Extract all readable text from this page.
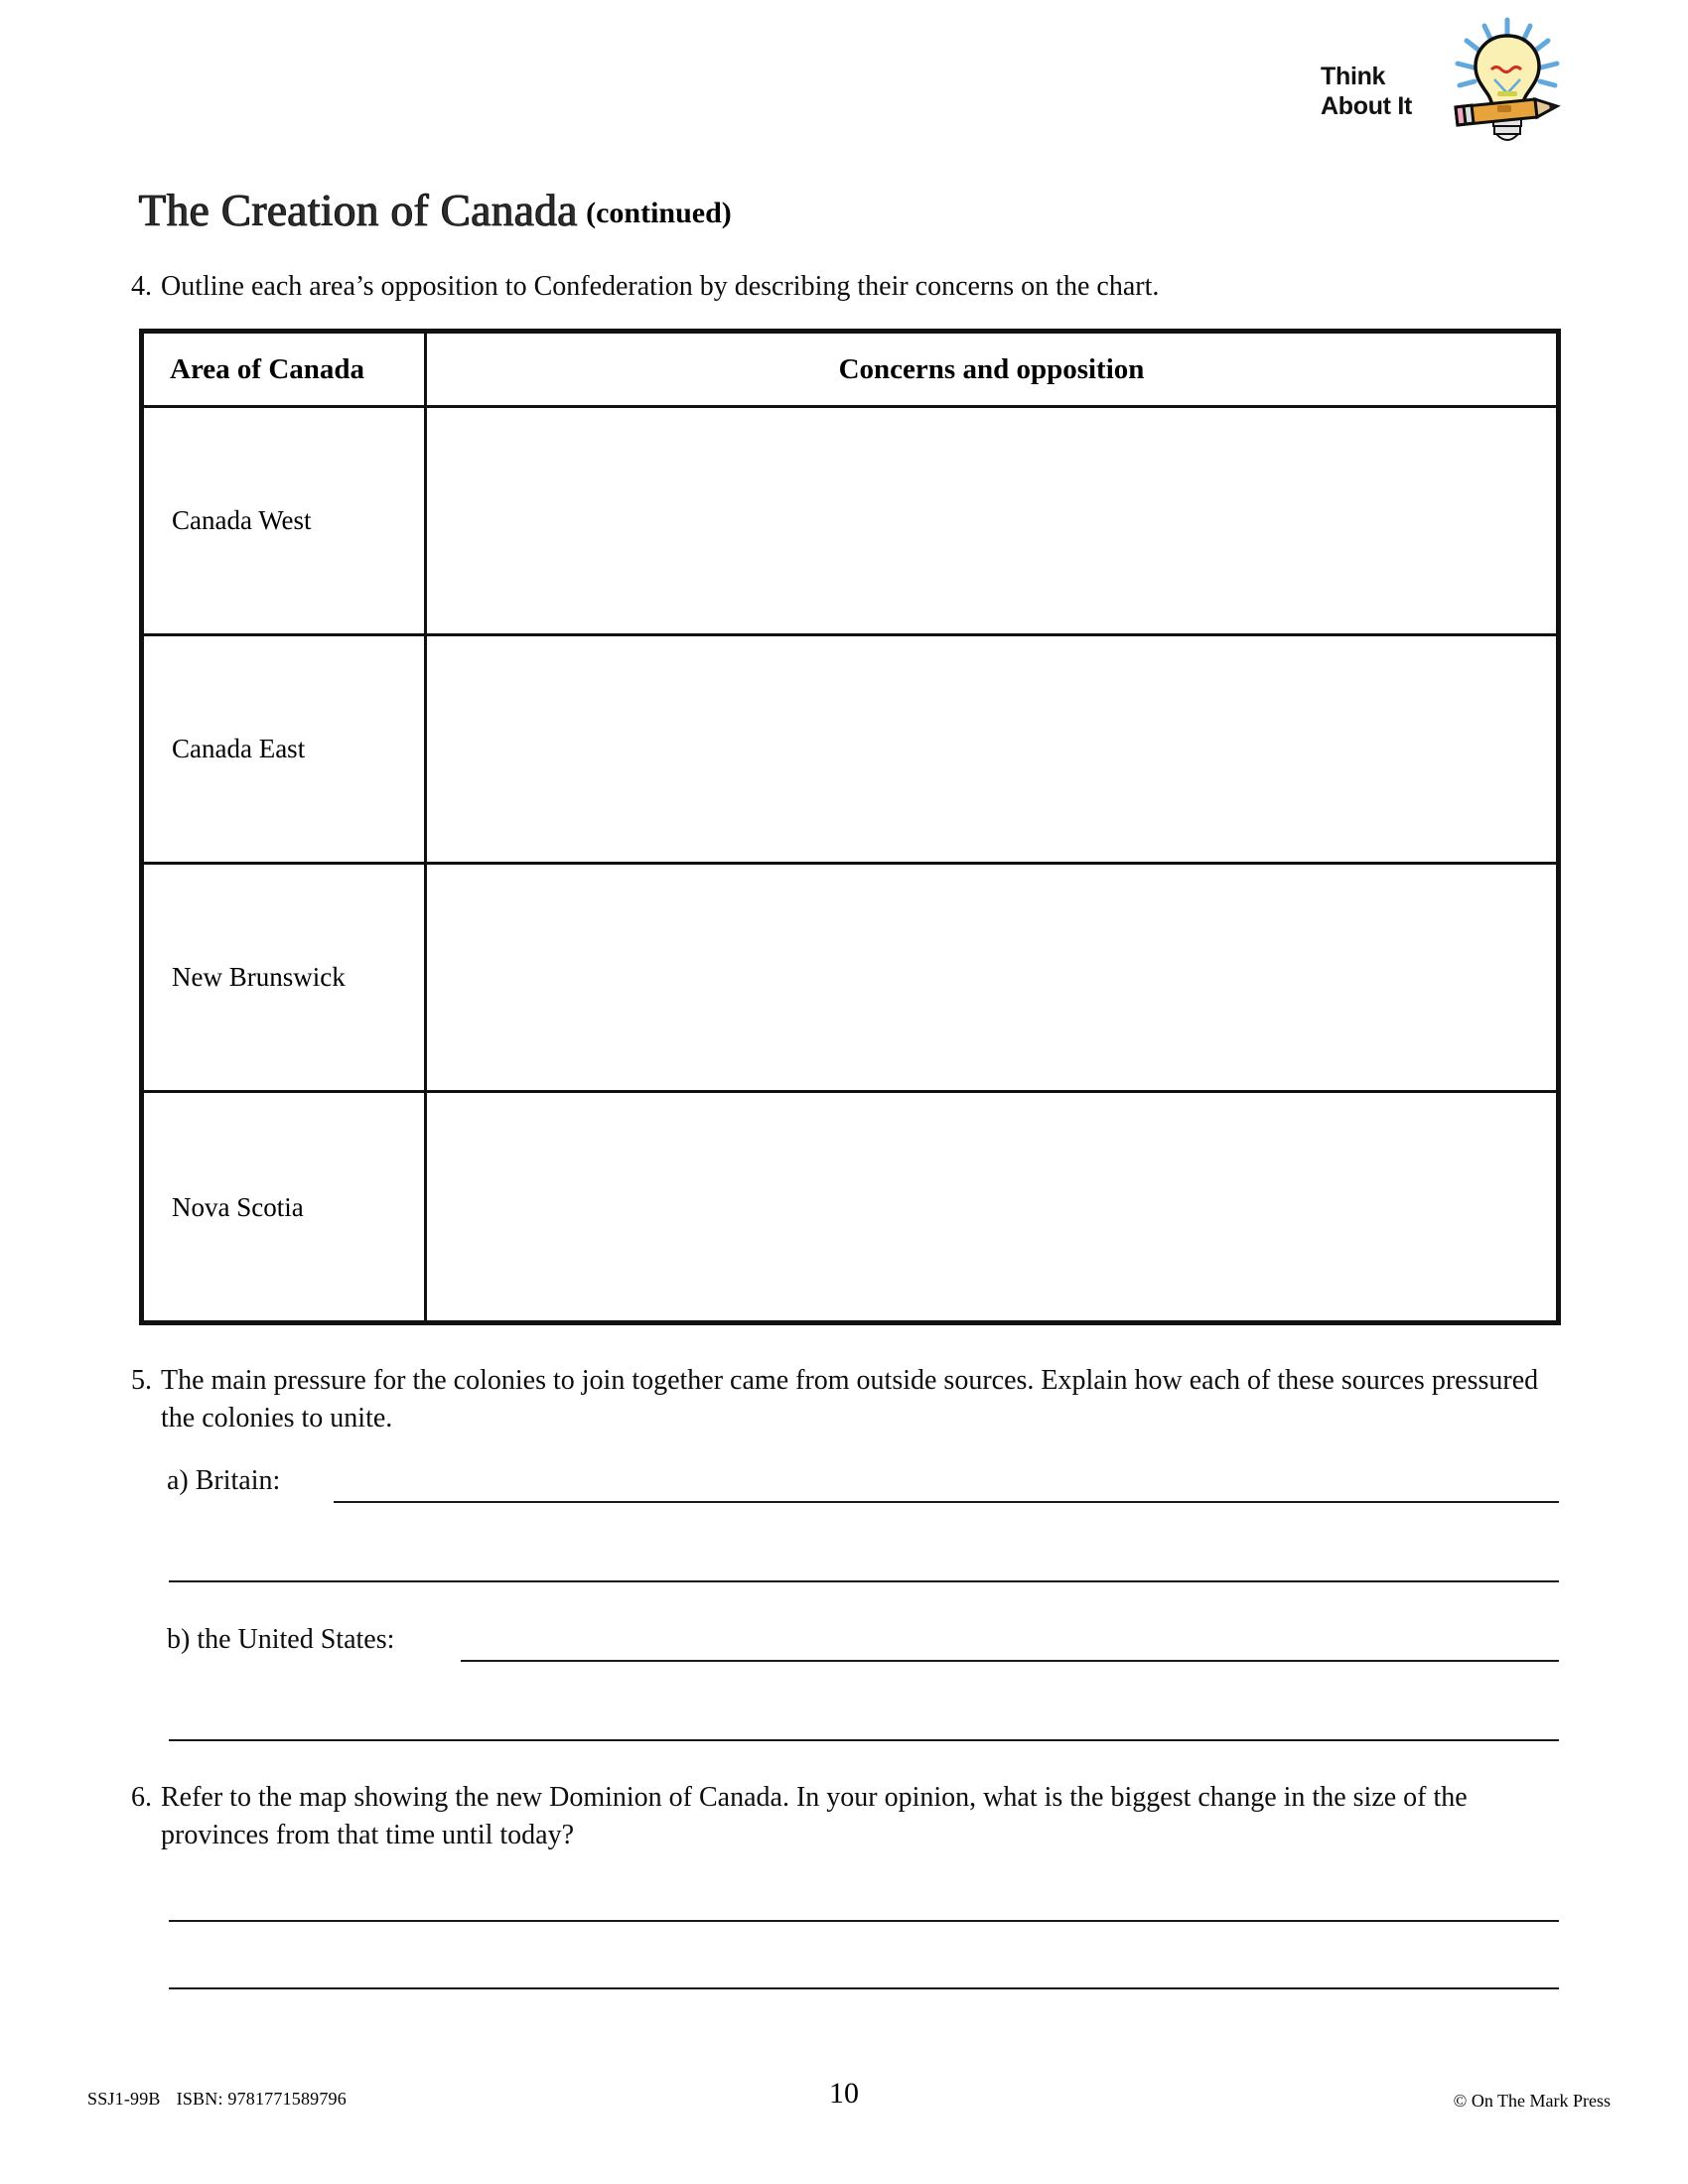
Think
About It
The Creation of Canada (continued)
4. Outline each area’s opposition to Confederation by describing their concerns on the chart.
Area of Canada	Concerns and opposition
Canada West
Canada East
New Brunswick
Nova Scotia
5. The main pressure for the colonies to join together came from outside sources. Explain how each of these sources pressured the colonies to unite.
a) Britain:
b) the United States:
6. Refer to the map showing the new Dominion of Canada. In your opinion, what is the biggest change in the size of the provinces from that time until today?
SSJ1-99B ISBN: 9781771589796	10	© On The Mark Press
